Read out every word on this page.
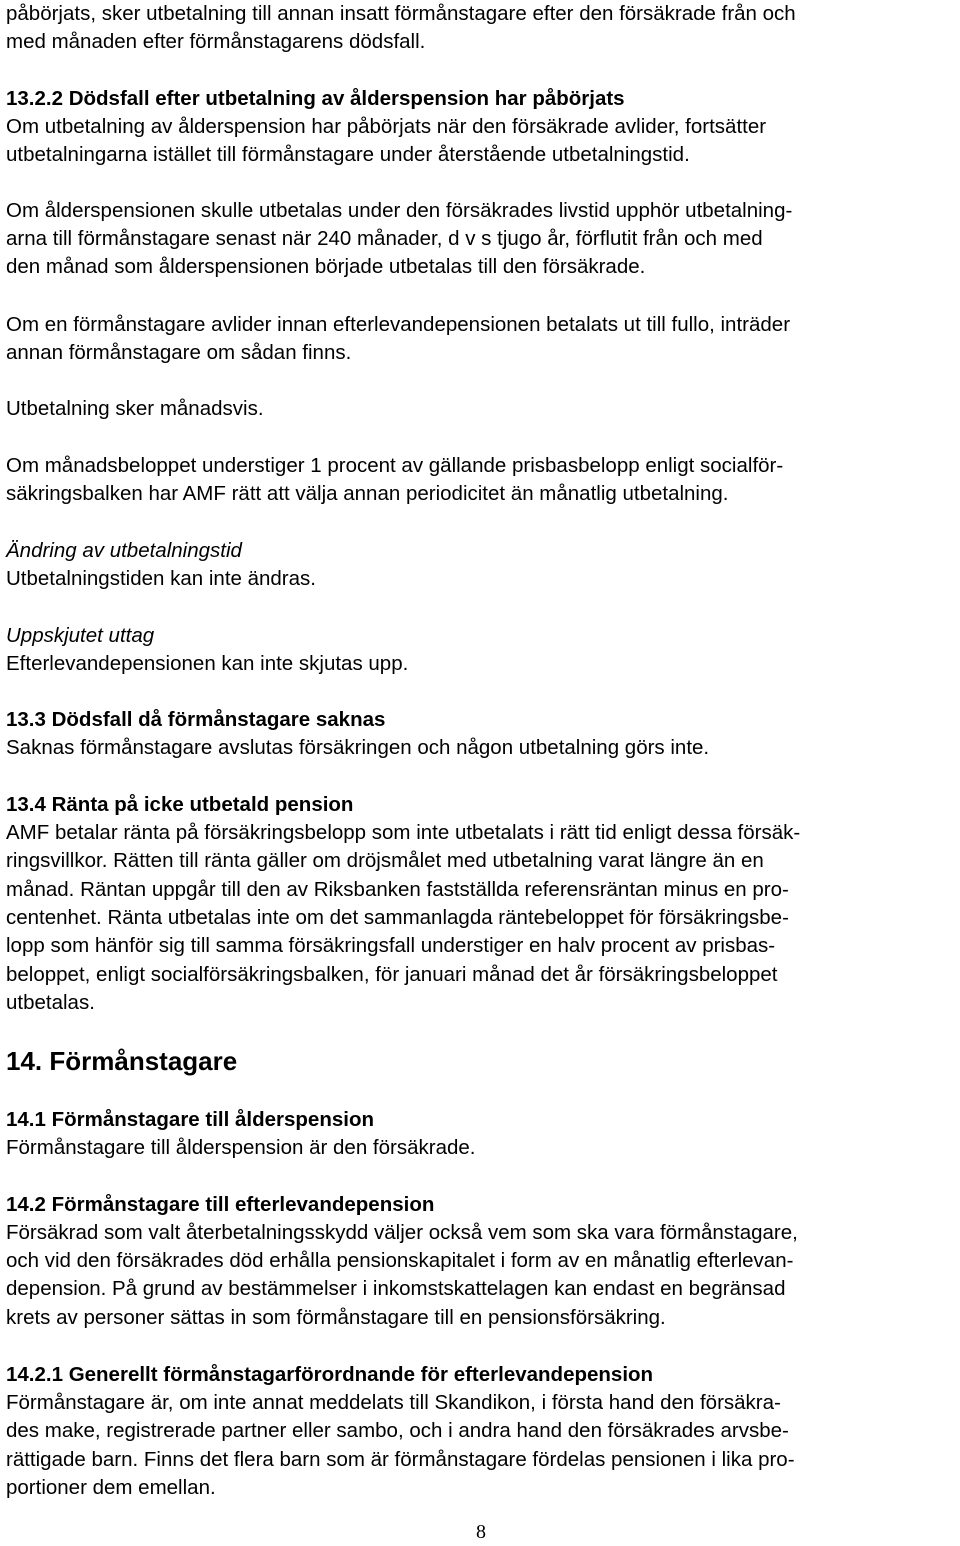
påbörjats, sker utbetalning till annan insatt förmånstagare efter den försäkrade från och
med månaden efter förmånstagarens dödsfall.
13.2.2 Dödsfall efter utbetalning av ålderspension har påbörjats
Om utbetalning av ålderspension har påbörjats när den försäkrade avlider, fortsätter
utbetalningarna istället till förmånstagare under återstående utbetalningstid.
Om ålderspensionen skulle utbetalas under den försäkrades livstid upphör utbetalning-
arna till förmånstagare senast när 240 månader, d v s tjugo år, förflutit från och med
den månad som ålderspensionen började utbetalas till den försäkrade.
Om en förmånstagare avlider innan efterlevandepensionen betalats ut till fullo, inträder
annan förmånstagare om sådan finns.
Utbetalning sker månadsvis.
Om månadsbeloppet understiger 1 procent av gällande prisbasbelopp enligt socialför-
säkringsbalken har AMF rätt att välja annan periodicitet än månatlig utbetalning.
Ändring av utbetalningstid
Utbetalningstiden kan inte ändras.
Uppskjutet uttag
Efterlevandepensionen kan inte skjutas upp.
13.3 Dödsfall då förmånstagare saknas
Saknas förmånstagare avslutas försäkringen och någon utbetalning görs inte.
13.4 Ränta på icke utbetald pension
AMF betalar ränta på försäkringsbelopp som inte utbetalats i rätt tid enligt dessa försäk-
ringsvillkor. Rätten till ränta gäller om dröjsmålet med utbetalning varat längre än en
månad. Räntan uppgår till den av Riksbanken fastställda referensräntan minus en pro-
centenhet. Ränta utbetalas inte om det sammanlagda räntebeloppet för försäkringsbe-
lopp som hänför sig till samma försäkringsfall understiger en halv procent av prisbas-
beloppet, enligt socialförsäkringsbalken, för januari månad det år försäkringsbeloppet
utbetalas.
14. Förmånstagare
14.1 Förmånstagare till ålderspension
Förmånstagare till ålderspension är den försäkrade.
14.2 Förmånstagare till efterlevandepension
Försäkrad som valt återbetalningsskydd väljer också vem som ska vara förmånstagare,
och vid den försäkrades död erhålla pensionskapitalet i form av en månatlig efterlevan-
depension. På grund av bestämmelser i inkomstskattelagen kan endast en begränsad
krets av personer sättas in som förmånstagare till en pensionsförsäkring.
14.2.1 Generellt förmånstagarförordnande för efterlevandepension
Förmånstagare är, om inte annat meddelats till Skandikon, i första hand den försäkra-
des make, registrerade partner eller sambo, och i andra hand den försäkrades arvsbe-
rättigade barn. Finns det flera barn som är förmånstagare fördelas pensionen i lika pro-
portioner dem emellan.
8
